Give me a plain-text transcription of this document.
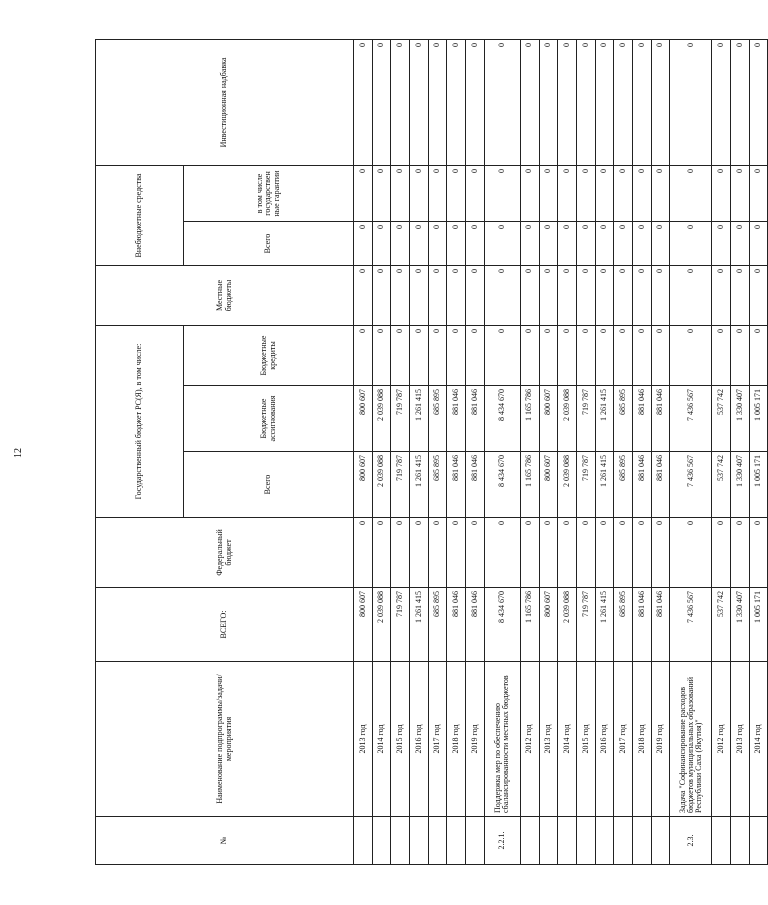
12
№	Наименование подпрограммы/задачи/мероприятия	ВСЕГО:	Федеральный бюджет	Государственный бюджет РС(Я), в том числе:			Местные бюджеты	Внебюджетные средства		Инвестиционная надбавка
				Всего	Бюджетные ассигнования	Бюджетные кредиты		Всего	в том числе государствен ные гарантии	
	2013 год	800 607	0	800 607	800 607	0	0	0	0	0
	2014 год	2 039 088	0	2 039 088	2 039 088	0	0	0	0	0
	2015 год	719 787	0	719 787	719 787	0	0	0	0	0
	2016 год	1 261 415	0	1 261 415	1 261 415	0	0	0	0	0
	2017 год	685 895	0	685 895	685 895	0	0	0	0	0
	2018 год	881 046	0	881 046	881 046	0	0	0	0	0
	2019 год	881 046	0	881 046	881 046	0	0	0	0	0
2.2.1.	Поддержка мер по обеспечению сбалансированности местных бюджетов	8 434 670	0	8 434 670	8 434 670	0	0	0	0	0
	2012 год	1 165 786	0	1 165 786	1 165 786	0	0	0	0	0
	2013 год	800 607	0	800 607	800 607	0	0	0	0	0
	2014 год	2 039 088	0	2 039 088	2 039 088	0	0	0	0	0
	2015 год	719 787	0	719 787	719 787	0	0	0	0	0
	2016 год	1 261 415	0	1 261 415	1 261 415	0	0	0	0	0
	2017 год	685 895	0	685 895	685 895	0	0	0	0	0
	2018 год	881 046	0	881 046	881 046	0	0	0	0	0
	2019 год	881 046	0	881 046	881 046	0	0	0	0	0
2.3.	Задача "Софинансирование расходов бюджетов муниципальных образований Республики Саха (Якутия)"	7 436 567	0	7 436 567	7 436 567	0	0	0	0	0
	2012 год	537 742	0	537 742	537 742	0	0	0	0	0
	2013 год	1 330 407	0	1 330 407	1 330 407	0	0	0	0	0
	2014 год	1 005 171	0	1 005 171	1 005 171	0	0	0	0	0
